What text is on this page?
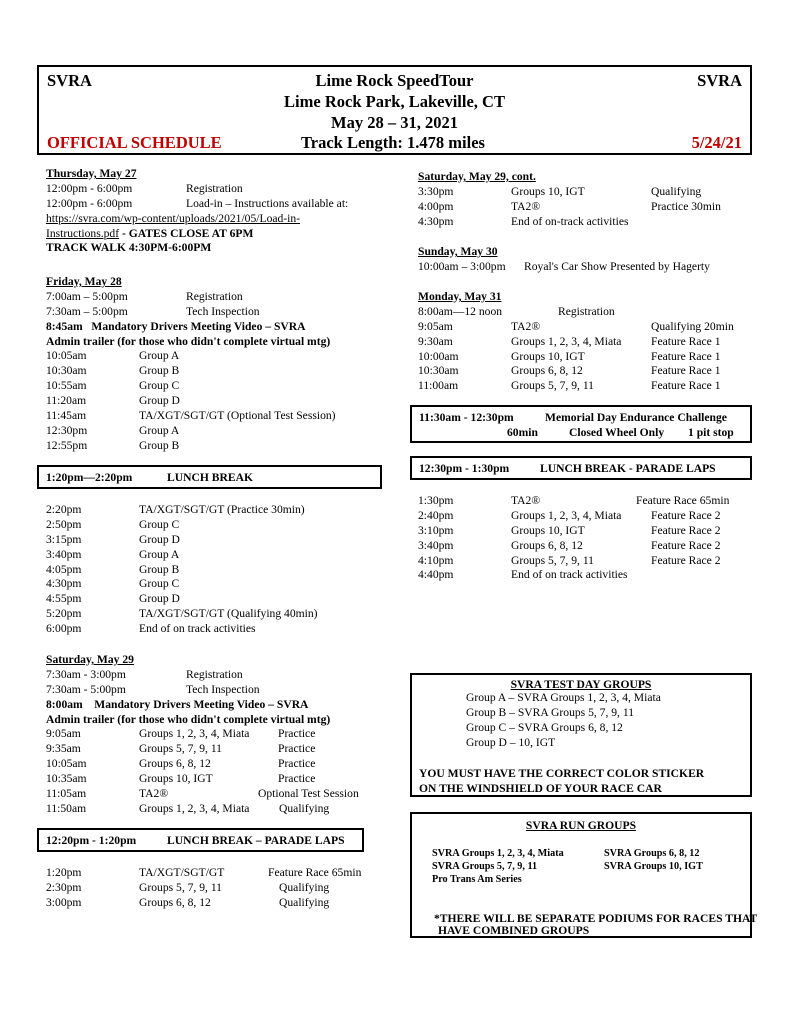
SVRA	SVRA
Lime Rock SpeedTour
Lime Rock Park, Lakeville, CT
May 28 – 31, 2021
OFFICIAL SCHEDULE	Track Length: 1.478 miles	5/24/21
Thursday, May 27
12:00pm - 6:00pm	Registration
12:00pm - 6:00pm	Load-in – Instructions available at:
https://svra.com/wp-content/uploads/2021/05/Load-in-
Instructions.pdf - GATES CLOSE AT 6PM
TRACK WALK 4:30PM-6:00PM
Friday, May 28
7:00am – 5:00pm	Registration
7:30am – 5:00pm	Tech Inspection
8:45am   Mandatory Drivers Meeting Video – SVRA
Admin trailer (for those who didn't complete virtual mtg)
10:05am	Group A
10:30am	Group B
10:55am	Group C
11:20am	Group D
11:45am	TA/XGT/SGT/GT (Optional Test Session)
12:30pm	Group A
12:55pm	Group B
1:20pm—2:20pm	LUNCH BREAK
2:20pm	TA/XGT/SGT/GT (Practice 30min)
2:50pm	Group C
3:15pm	Group D
3:40pm	Group A
4:05pm	Group B
4:30pm	Group C
4:55pm	Group D
5:20pm	TA/XGT/SGT/GT (Qualifying 40min)
6:00pm	End of on track activities
Saturday, May 29
7:30am - 3:00pm	Registration
7:30am - 5:00pm	Tech Inspection
8:00am    Mandatory Drivers Meeting Video – SVRA
Admin trailer (for those who didn't complete virtual mtg)
9:05am	Groups 1, 2, 3, 4, Miata Practice
9:35am	Groups 5, 7, 9, 11	Practice
10:05am	Groups 6, 8, 12	Practice
10:35am	Groups 10, IGT	Practice
11:05am	TA2®	Optional Test Session
11:50am	Groups 1, 2, 3, 4, Miata	Qualifying
12:20pm - 1:20pm	LUNCH BREAK – PARADE LAPS
1:20pm	TA/XGT/SGT/GT	Feature Race 65min
2:30pm	Groups 5, 7, 9, 11	Qualifying
3:00pm	Groups 6, 8, 12	Qualifying
Saturday, May 29, cont.
3:30pm	Groups 10, IGT	Qualifying
4:00pm	TA2®	Practice 30min
4:30pm	End of on-track activities
Sunday, May 30
10:00am – 3:00pm Royal's Car Show Presented by Hagerty
Monday, May 31
8:00am—12 noon	Registration
9:05am	TA2®	Qualifying 20min
9:30am	Groups 1, 2, 3, 4, Miata	Feature Race 1
10:00am	Groups 10, IGT	Feature Race 1
10:30am	Groups 6, 8, 12	Feature Race 1
11:00am	Groups 5, 7, 9, 11	Feature Race 1
11:30am - 12:30pm	Memorial Day Endurance Challenge
60min	Closed Wheel Only 1 pit stop
12:30pm - 1:30pm	LUNCH BREAK - PARADE LAPS
1:30pm	TA2®	Feature Race 65min
2:40pm	Groups 1, 2, 3, 4, Miata	Feature Race 2
3:10pm	Groups 10, IGT	Feature Race 2
3:40pm	Groups 6, 8, 12	Feature Race 2
4:10pm	Groups 5, 7, 9, 11	Feature Race 2
4:40pm	End of on track activities
SVRA TEST DAY GROUPS
Group A – SVRA Groups 1, 2, 3, 4, Miata
Group B – SVRA Groups 5, 7, 9, 11
Group C – SVRA Groups 6, 8, 12
Group D – 10, IGT
YOU MUST HAVE THE CORRECT COLOR STICKER
ON THE WINDSHIELD OF YOUR RACE CAR
SVRA RUN GROUPS
SVRA Groups 1, 2, 3, 4, Miata
SVRA Groups 5, 7, 9, 11
Pro Trans Am Series
SVRA Groups 6, 8, 12
SVRA Groups 10, IGT
*THERE WILL BE SEPARATE PODIUMS FOR RACES THAT
HAVE COMBINED GROUPS
